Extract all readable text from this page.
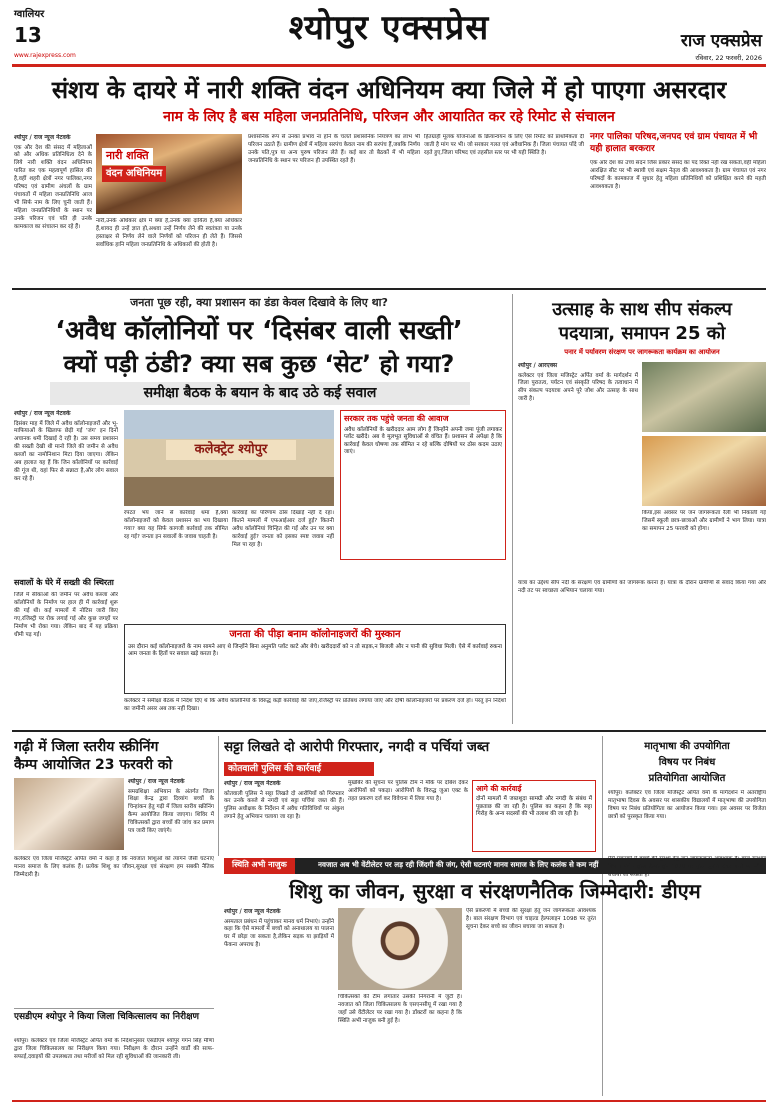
ग्वालियर
13
www.rajexpress.com
श्योपुर एक्सप्रेस	राज एक्सप्रेस
रविवार, 22 फरवरी, 2026
संशय के दायरे में नारी शक्ति वंदन अधिनियम क्या जिले में हो पाएगा असरदार
नाम के लिए है बस महिला जनप्रतिनिधि, परिजन और आयातित कर रहे रिमोट से संचालन
श्योपुर / राज न्यूज नेटवर्क
एक और देश की संसद में महिलाओं को और अधिक प्रतिनिधित्व देने के लिये नारी शक्ति वंदन अधिनियम पारित कर एक महत्वपूर्ण हासिल की है,वहीं शहरी क्षेत्रों नगर पालिका,नगर परिषद एवं ग्रामीण अंचलों के ग्राम पंचायतों में महिला जनप्रतिनिधि आज भी सिर्फ नाम के लिए चुनी जाती हैं। महिला जनप्रतिनिधियों के स्थान पर उनके परिजन एवं पति ही उनके कामकाज का संचालन कर रहे हैं।
नारी शक्ति
वंदन अधिनियम
नारी,उनके अधिकार क्षेत्र में क्या है,उनके क्या दायित्व हैं,क्या अधिकार हैं,शायद ही उन्हें ज्ञात हो,अथवा उन्हें निर्णय लेने की स्वतंत्रता या उनके हस्ताक्षर से निर्णय लेने वाले निर्णयों को परिजन ही लेते हैं। जिससे सर्वाधिक हानि महिला जनप्रतिनिधि के अधिकारों की होती है।
प्रशासनिक रूप से उनका प्रभाव ना होने के चलते प्रशासनिक नियंत्रण का लाभ भी परिजन उठाते हैं। ग्रामीण क्षेत्रों में महिला सरपंच केवल नाम की सरपंच हैं,जबकि निर्णय उनके पति,पुत्र या अन्य पुरुष परिजन लेते हैं। कई बार तो बैठकों में भी महिला जनप्रतिनिधि के स्थान पर परिजन ही उपस्थित रहते हैं।
हितग्राही मूलक योजनाओं के क्रियान्वयन के लिए ऐसे रिमोट को प्राथमिकता दी जाती है मांग पर भी। जो सरकार गलत एवं अवैधानिक हैं। जिला पंचायत पाँदे जी रहते हुए,जिला परिषद एवं तहसील स्तर पर भी यही स्थिति है।
नगर पालिका परिषद,जनपद एवं ग्राम पंचायत में भी यही हालात बरकरार
एक ओर देश का उच्च सदन जिस प्रकार संसद का पद रिक्त नहीं रख सकता,वहीं महिला आरक्षित सीट पर भी स्थायी एवं सक्षम नेतृत्व की आवश्यकता है। ग्राम पंचायत एवं नगर परिषदों के कामकाज में सुधार हेतु महिला प्रतिनिधियों को प्रशिक्षित करने की महती आवश्यकता है।
जनता पूछ रही, क्या प्रशासन का डंडा केवल दिखावे के लिए था?
‘अवैध कॉलोनियों पर ‘दिसंबर वाली सख्ती’
क्यों पड़ी ठंडी? क्या सब कुछ ‘सेट’ हो गया?
समीक्षा बैठक के बयान के बाद उठे कई सवाल
श्योपुर / राज न्यूज नेटवर्क
दिसंबर माह में जिले में अवैध कॉलोनाइजरों और भू-माफियाओं के खिलाफ छेड़ी गई ‘जंग’ इन दिनों अचानक थमी दिखाई दे रही है। उस समय प्रशासन की सख्ती देखी थी मानो जिले की जमीन से अवैध कब्जों का नामोनिशान मिटा दिया जाएगा। लेकिन अब हालात यह हैं कि जिन कॉलोनियों पर कार्रवाई की गूंज थी, वहां फिर से सन्नाटा है,और लोग सवाल कर रहे हैं।
सवालों के घेरे में सख्ती की स्थिरता
जिले में सीकाओं की जमीन पर अवैध कब्जा और कॉलोनियों के निर्माण पर हाल ही में कार्रवाई शुरू की गई थी। कई मामलों में नोटिस जारी किए गए,रजिस्ट्री पर रोक लगाई गई और कुछ जगहों पर निर्माण भी रोका गया। लेकिन बाद में यह प्रक्रिया धीमी पड़ गई।
कलेक्ट्रेट श्योपुर
रपटत भय जाने से कार्रवाई थमा है,क्या कॉलोनाइजरों को केवल प्रशासन का भय दिखाया गया? क्या यह सिर्फ कागजी कार्रवाई तक सीमित रह गई? जनता इन सवालों के जवाब चाहती है।
कार्रवाई का परिणाम ठोस दिखाई नहीं दे रहा। कितने मामलों में एफआईआर दर्ज हुई? कितनी अवैध कॉलोनियां चिन्हित की गईं और उन पर क्या कार्रवाई हुई? जनता को इसका स्पष्ट जवाब नहीं मिल पा रहा है।
सरकार तक पहुंचे जनता की आवाज
अवैध कॉलोनियों के खरीददार आम लोग हैं जिन्होंने अपनी जमा पूंजी लगाकर प्लॉट खरीदे। अब वे मूलभूत सुविधाओं से वंचित हैं। प्रशासन से अपेक्षा है कि कार्रवाई केवल घोषणा तक सीमित न रहे बल्कि दोषियों पर ठोस कदम उठाए जाएं।
जनता की पीड़ा बनाम कॉलोनाइजरों की मुस्कान
उस दौरान कई कॉलोनाइजरों के नाम सामने आए थे जिन्होंने बिना अनुमति प्लॉट काटे और बेचे। खरीददारों को न तो सड़क,न बिजली और न पानी की सुविधा मिली। ऐसे में कार्रवाई रुकना आम जनता के हितों पर सवाल खड़े करता है।
कलेक्टर ने समीक्षा बैठक में निर्देश दिए थे कि अवैध कॉलोनियों के विरुद्ध कड़ी कार्रवाई की जाए,रजिस्ट्री पर प्रतिबंध लगाया जाए और दोषी कॉलोनाइजरों पर प्रकरण दर्ज हों। परंतु इन निर्देशों का जमीनी असर अब तक नहीं दिखा।
उत्साह के साथ सीप संकल्प
पदयात्रा, समापन 25 को
पनार में पर्यावरण संरक्षण पर जागरूकता कार्यक्रम का आयोजन
श्योपुर / आरएक्स
कलेक्टर एवं जिला मजिस्ट्रेट अर्पित वर्मा के मार्गदर्शन में जिला पुरातत्व, पर्यटन एवं संस्कृति परिषद के तत्वाधान में सीप संकल्प पदयात्रा अपने पूरे जोश और उत्साह के साथ जारी है।
किया,इस अवसर पर जन जागरूकता रैली भी निकाली गई जिसमें स्कूली छात्र-छात्राओं और ग्रामीणों ने भाग लिया। यात्रा का समापन 25 फरवरी को होगा।
यात्रा का उद्देश्य सीप नदी के संरक्षण एवं ग्रामीणों को जागरूक करना है। यात्रा के दौरान ग्रामीणों से संवाद किया गया और नदी तट पर स्वच्छता अभियान चलाया गया।
गढ़ी में जिला स्तरीय स्क्रीनिंग
कैम्प आयोजित 23 फरवरी को
श्योपुर / राज न्यूज नेटवर्क
समग्रशिक्षा अभियान के अंतर्गत जिला शिक्षा केन्द्र द्वारा दिव्यांग बच्चों के चिन्हांकन हेतु गढ़ी में जिला स्तरीय स्क्रीनिंग कैम्प आयोजित किया जाएगा। शिविर में चिकित्सकों द्वारा बच्चों की जांच कर प्रमाण पत्र जारी किए जाएंगे।
सट्टा लिखते दो आरोपी गिरफ्तार, नगदी व पर्चियां जब्त
कोतवाली पुलिस की कार्रवाई
श्योपुर / राज न्यूज नेटवर्क
कोतवाली पुलिस ने सट्टा लिखते दो आरोपियों को गिरफ्तार कर उनके कब्जे से नगदी एवं सट्टा पर्चियां जब्त की हैं। पुलिस अधीक्षक के निर्देशन में अवैध गतिविधियों पर अंकुश लगाने हेतु अभियान चलाया जा रहा है।
मुखबिर की सूचना पर पुलिस टीम ने मौके पर दबिश देकर आरोपियों को पकड़ा। आरोपियों के विरुद्ध जुआ एक्ट के तहत प्रकरण दर्ज कर विवेचना में लिया गया है।
आगे की कार्रवाई
दोनों मामलों में जब्तशुदा सामग्री और नगदी के संबंध में पूछताछ की जा रही है। पुलिस का कहना है कि सट्टा गिरोह के अन्य सदस्यों की भी तलाश की जा रही है।
मातृभाषा की उपयोगिता
विषय पर निबंध
प्रतियोगिता आयोजित
श्योपुर। कलेक्टर एवं जिला मजिस्ट्रेट अर्पित वर्मा के मार्गदर्शन में अंतर्राष्ट्रीय मातृभाषा दिवस के अवसर पर शासकीय विद्यालयों में मातृभाषा की उपयोगिता विषय पर निबंध प्रतियोगिता का आयोजन किया गया। इस अवसर पर विजेता छात्रों को पुरस्कृत किया गया।
स्थिति अभी नाजुक	नवजात अब भी वेंटीलेटर पर लड़ रही जिंदगी की जंग, ऐसी घटनाएं मानव समाज के लिए कलंक से कम नहीं
शिशु का जीवन, सुरक्षा व संरक्षणनैतिक जिम्मेदारी: डीएम
कलेक्टर एवं जिला मजिस्ट्रेट अर्पित वर्मा ने कहा है कि नवजात शिशुओं को त्यागने जैसी घटनाएं मानव समाज के लिए कलंक हैं। प्रत्येक शिशु का जीवन,सुरक्षा एवं संरक्षण हम सबकी नैतिक जिम्मेदारी है।
श्योपुर / राज न्यूज नेटवर्क
अस्पताल प्रबंधन में पहुंचाकर मानव धर्म निभाएं। उन्होंने कहा कि ऐसे मामलों में बच्चों को अनाथालय या पालना घर में छोड़ा जा सकता है,लेकिन सड़क या झाड़ियों में फेंकना अपराध है।
चिकित्सकों की टीम लगातार उसकी निगरानी में जुटी है। नवजात को जिला चिकित्सालय के एसएनसीयू में रखा गया है जहाँ उसे वेंटीलेटर पर रखा गया है। डॉक्टरों का कहना है कि स्थिति अभी नाजुक बनी हुई है।
ऐसे प्रकरणों में बच्चों की सुरक्षा हेतु जन जागरूकता आवश्यक है। बाल संरक्षण विभाग एवं चाइल्ड हेल्पलाइन 1098 पर तुरंत सूचना देकर बच्चे का जीवन बचाया जा सकता है।
ऐसे प्रकरणों में बच्चों की सुरक्षा हेतु जन जागरूकता आवश्यक है। बाल संरक्षण विभाग एवं चाइल्ड हेल्पलाइन 1098 पर तुरंत सूचना देकर बच्चे का जीवन बचाया जा सकता है।
एसडीएम श्योपुर ने किया जिला चिकित्सालय का निरीक्षण
श्योपुर। कलेक्टर एवं जिला मजिस्ट्रेट अर्पित वर्मा के निर्देशानुसार एसडीएम श्योपुर गगन सिंह मीणा द्वारा जिला चिकित्सालय का निरीक्षण किया गया। निरीक्षण के दौरान उन्होंने वार्डों की साफ-सफाई,दवाइयों की उपलब्धता तथा मरीजों को मिल रही सुविधाओं की जानकारी ली।
